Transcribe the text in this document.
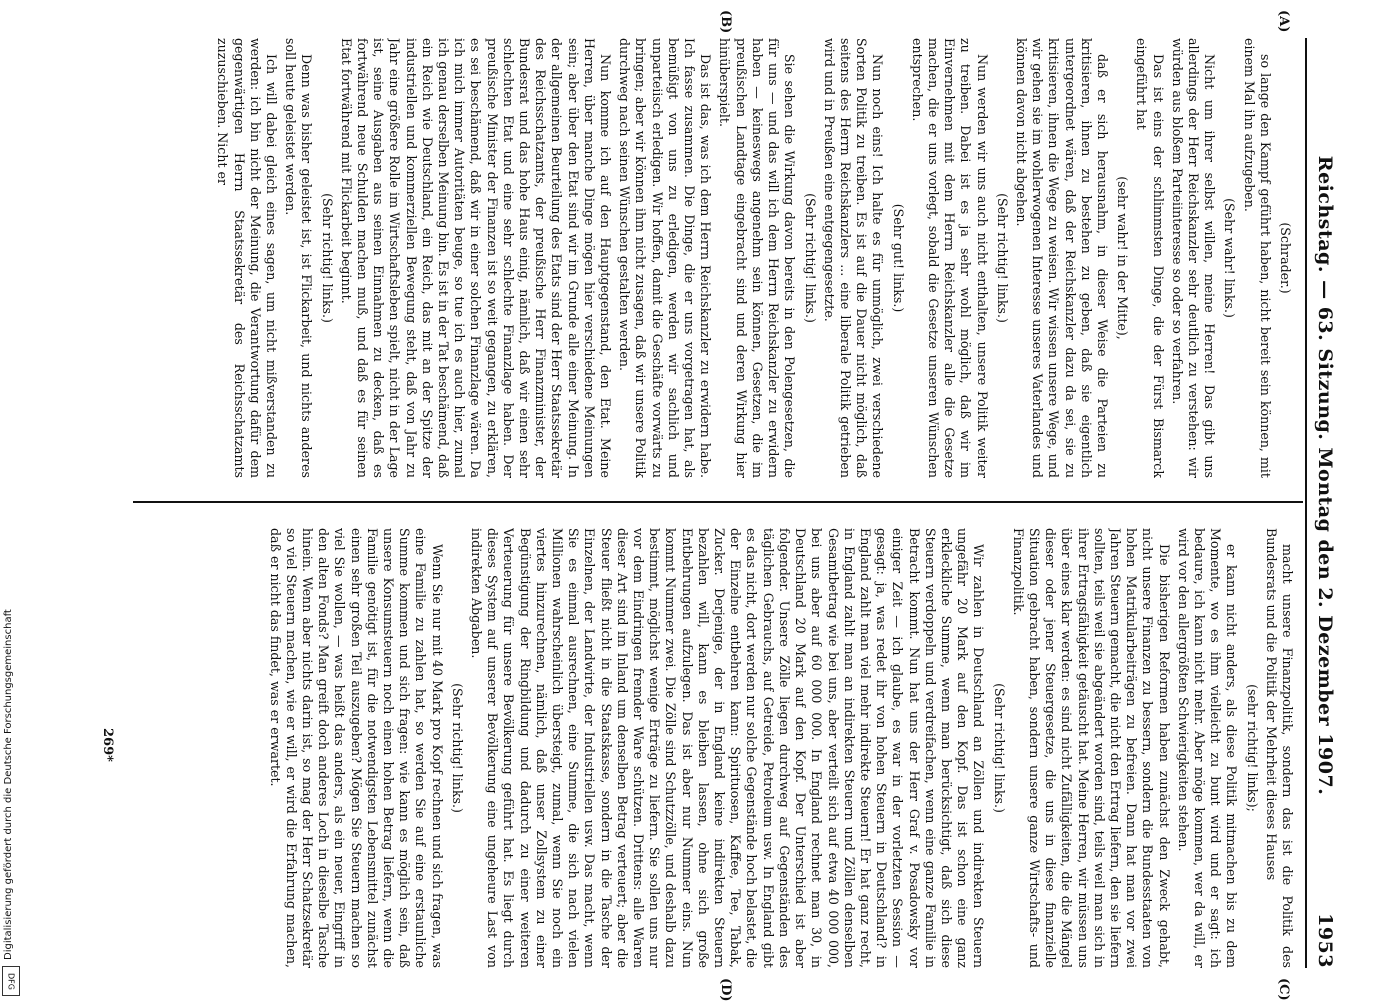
Digitalisierung gefördert durch die Deutsche Forschungsgemeinschaft
DFG
Reichstag. — 63. Sitzung. Montag den 2. Dezember 1907.
1953
(A)
(B)
(C)
(D)

(Schrader.)

so lange den Kampf geführt haben, nicht bereit sein können, mit einem Mal ihn aufzugeben.

(Sehr wahr! links.)

Nicht um ihrer selbst willen, meine Herren! Das gibt uns allerdings der Herr Reichskanzler sehr deutlich zu verstehen: wir würden aus bloßem Parteiinteresse so oder so verfahren.

Das ist eins der schlimmsten Dinge, die der Fürst Bismarck eingeführt hat

(sehr wahr! in der Mitte),

daß er sich herausnahm, in dieser Weise die Parteien zu kritisieren, ihnen zu bestehen zu geben, daß sie eigentlich untergeordnet wären, daß der Reichskanzler dazu da sei, sie zu kritisieren, ihnen die Wege zu weisen. Wir wissen unsere Wege, und wir gehen sie im wohlerwogenen Interesse unseres Vaterlandes und können davon nicht abgehen.

(Sehr richtig! links.)

Nun werden wir uns auch nicht enthalten, unsere Politik weiter zu treiben. Dabei ist es ja sehr wohl möglich, daß wir im Einvernehmen mit dem Herrn Reichskanzler alle die Gesetze machen, die er uns vorlegt, sobald die Gesetze unseren Wünschen entsprechen.

(Sehr gut! links.)

Nun noch eins! Ich halte es für unmöglich, zwei verschiedene Sorten Politik zu treiben. Es ist auf die Dauer nicht möglich, daß seitens des Herrn Reichskanzlers ... eine liberale Politik getrieben wird und in Preußen eine entgegengesetzte.

(Sehr richtig! links.)

Sie sehen die Wirkung davon bereits in den Polengesetzen, die für uns — und das will ich dem Herrn Reichskanzler zu erwidern haben — keineswegs angenehm sein können, Gesetzen, die im preußischen Landtage eingebracht sind und deren Wirkung hier hinüberspielt.

Das ist das, was ich dem Herrn Reichskanzler zu erwidern habe. Ich fasse zusammen. Die Dinge, die er uns vorgetragen hat, als bemüßigt von uns zu erledigen, werden wir sachlich und unparteiisch erledigen. Wir hoffen, damit die Geschäfte vorwärts zu bringen; aber wir können ihm nicht zusagen, daß wir unsere Politik durchweg nach seinen Wünschen gestalten werden.

Nun komme ich auf den Hauptgegenstand, den Etat. Meine Herren, über manche Dinge mögen hier verschiedene Meinungen sein; aber über den Etat sind wir im Grunde alle einer Meinung. In der allgemeinen Beurteilung des Etats sind der Herr Staatssekretär des Reichsschatzamts, der preußische Herr Finanzminister, der Bundesrat und das hohe Haus einig, nämlich, daß wir einen sehr schlechten Etat und eine sehr schlechte Finanzlage haben. Der preußische Minister der Finanzen ist so weit gegangen, zu erklären, es sei beschämend, daß wir in einer solchen Finanzlage wären. Da ich mich immer Autoritäten beuge, so tue ich es auch hier, zumal ich genau derselben Meinung bin. Es ist in der Tat beschämend, daß ein Reich wie Deutschland, ein Reich, das mit an der Spitze der industriellen und kommerziellen Bewegung steht, daß von Jahr zu Jahr eine größere Rolle im Wirtschaftsleben spielt, nicht in der Lage ist, seine Ausgaben aus seinen Einnahmen zu decken, daß es fortwährend neue Schulden machen muß, und daß es für seinen Etat fortwährend mit Flickarbeit beginnt.

(Sehr richtig! links.)

Denn was bisher geleistet ist, ist Flickarbeit, und nichts anderes soll heute geleistet werden.

Ich will dabei gleich eines sagen, um nicht mißverstanden zu werden: ich bin nicht der Meinung, die Verantwortung dafür dem gegenwärtigen Herrn Staatssekretär des Reichsschatzamts zuzuschieben. Nicht er

macht unsere Finanzpolitik, sondern das ist die Politik des Bundesrats und die Politik der Mehrheit dieses Hauses

(sehr richtig! links);

er kann nicht anders, als diese Politik mitmachen bis zu dem Momente, wo es ihm vielleicht zu bunt wird und er sagt: ich bedaure, ich kann nicht mehr. Aber möge kommen, wer da will, er wird vor den allergrößten Schwierigkeiten stehen.

Die bisherigen Reformen haben zunächst den Zweck gehabt, nicht unsere Finanzen zu bessern, sondern die Bundesstaaten von hohen Matrikularbeiträgen zu befreien. Dann hat man vor zwei Jahren Steuern gemacht, die nicht den Ertrag liefern, den sie liefern sollten, teils weil sie abgeändert worden sind, teils weil man sich in ihrer Ertragsfähigkeit getäuscht hat. Meine Herren, wir müssen uns über eines klar werden: es sind nicht Zufälligkeiten, die die Mängel dieser oder jener Steuergesetze, die uns in diese finanzielle Situation gebracht haben, sondern unsere ganze Wirtschafts- und Finanzpolitik.

(Sehr richtig! links.)

Wir zahlen in Deutschland an Zöllen und indirekten Steuern ungefähr 20 Mark auf den Kopf. Das ist schon eine ganz erkleckliche Summe, wenn man berücksichtigt, daß sich diese Steuern verdoppeln und verdreifachen, wenn eine ganze Familie in Betracht kommt. Nun hat uns der Herr Graf v. Posadowsky vor einiger Zeit — ich glaube, es war in der vorletzten Session — gesagt: ja, was redet ihr von hohen Steuern in Deutschland? in England zahlt man viel mehr indirekte Steuern! Er hat ganz recht, in England zahlt man an indirekten Steuern und Zöllen denselben Gesamtbetrag wie bei uns, aber verteilt sich auf etwa 40 000 000, bei uns aber auf 60 000 000. In England rechnet man 30, in Deutschland 20 Mark auf den Kopf. Der Unterschied ist aber folgender. Unsere Zölle liegen durchweg auf Gegenständen des täglichen Gebrauchs, auf Getreide, Petroleum usw. In England gibt es das nicht, dort werden nur solche Gegenstände hoch belastet, die der Einzelne entbehren kann: Spirituosen, Kaffee, Tee, Tabak, Zucker. Derjenige, der in England keine indirekten Steuern bezahlen will, kann es bleiben lassen, ohne sich große Entbehrungen aufzulegen. Das ist aber nur Nummer eins. Nun kommt Nummer zwei. Die Zölle sind Schutzzölle, und deshalb dazu bestimmt, möglichst wenige Erträge zu liefern. Sie sollen uns nur vor dem Eindringen fremder Ware schützen. Drittens: alle Waren dieser Art sind im Inland um denselben Betrag verteuert; aber die Steuer fließt nicht in die Staatskasse, sondern in die Tasche der Einzelnen, der Landwirte, der Industriellen usw. Das macht, wenn Sie es einmal ausrechnen, eine Summe, die sich nach vielen Millionen wahrscheinlich übersteigt, zumal, wenn Sie noch ein viertes hinzurechnen, nämlich, daß unser Zollsystem zu einer Begünstigung der Ringbildung und dadurch zu einer weiteren Verteuerung für unsere Bevölkerung geführt hat. Es liegt durch dieses System auf unserer Bevölkerung eine ungeheure Last von indirekten Abgaben.

(Sehr richtig! links.)

Wenn Sie nur mit 40 Mark pro Kopf rechnen und sich fragen, was eine Familie zu zahlen hat, so werden Sie auf eine erstaunliche Summe kommen und sich fragen: wie kann es möglich sein, daß unsere Konsumsteuern noch einen hohen Betrag liefern, wenn die Familie genötigt ist, für die notwendigsten Lebensmittel zunächst einen sehr großen Teil auszugeben? Mögen Sie Steuern machen so viel Sie wollen, — was heißt das anders, als ein neuer, Eingriff in den alten Fonds? Man greift doch anderes Loch in dieselbe Tasche hinein. Wenn aber nichts darin ist, so mag der Herr Schatzsekretär so viel Steuern machen, wie er will, er wird die Erfahrung machen, daß er nicht das findet, was er erwartet.

269*
